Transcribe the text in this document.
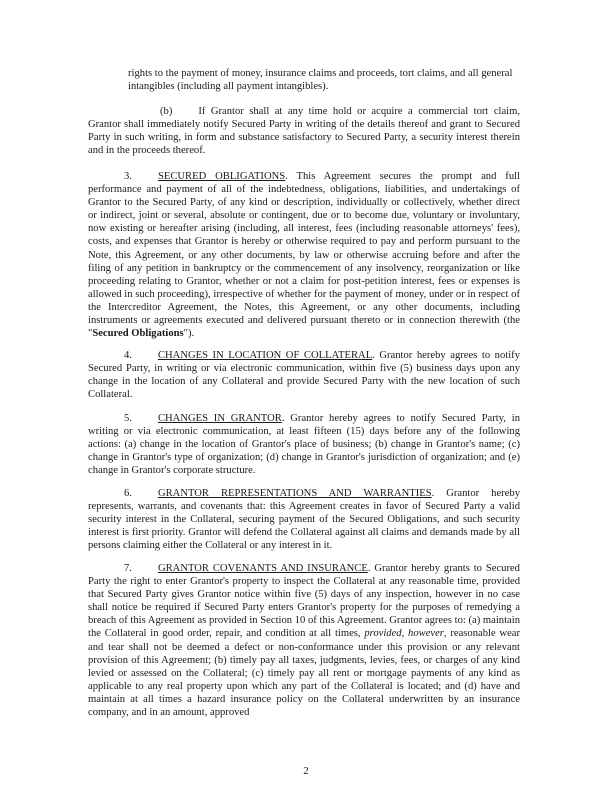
rights to the payment of money, insurance claims and proceeds, tort claims, and all general intangibles (including all payment intangibles).

(b) If Grantor shall at any time hold or acquire a commercial tort claim, Grantor shall immediately notify Secured Party in writing of the details thereof and grant to Secured Party in such writing, in form and substance satisfactory to Secured Party, a security interest therein and in the proceeds thereof.

3. SECURED OBLIGATIONS. This Agreement secures the prompt and full performance and payment of all of the indebtedness, obligations, liabilities, and undertakings of Grantor to the Secured Party, of any kind or description, individually or collectively, whether direct or indirect, joint or several, absolute or contingent, due or to become due, voluntary or involuntary, now existing or hereafter arising (including, all interest, fees (including reasonable attorneys' fees), costs, and expenses that Grantor is hereby or otherwise required to pay and perform pursuant to the Note, this Agreement, or any other documents, by law or otherwise accruing before and after the filing of any petition in bankruptcy or the commencement of any insolvency, reorganization or like proceeding relating to Grantor, whether or not a claim for post-petition interest, fees or expenses is allowed in such proceeding), irrespective of whether for the payment of money, under or in respect of the Intercreditor Agreement, the Notes, this Agreement, or any other documents, including instruments or agreements executed and delivered pursuant thereto or in connection therewith (the "Secured Obligations").

4. CHANGES IN LOCATION OF COLLATERAL. Grantor hereby agrees to notify Secured Party, in writing or via electronic communication, within five (5) business days upon any change in the location of any Collateral and provide Secured Party with the new location of such Collateral.

5. CHANGES IN GRANTOR. Grantor hereby agrees to notify Secured Party, in writing or via electronic communication, at least fifteen (15) days before any of the following actions: (a) change in the location of Grantor's place of business; (b) change in Grantor's name; (c) change in Grantor's type of organization; (d) change in Grantor's jurisdiction of organization; and (e) change in Grantor's corporate structure.

6. GRANTOR REPRESENTATIONS AND WARRANTIES. Grantor hereby represents, warrants, and covenants that: this Agreement creates in favor of Secured Party a valid security interest in the Collateral, securing payment of the Secured Obligations, and such security interest is first priority. Grantor will defend the Collateral against all claims and demands made by all persons claiming either the Collateral or any interest in it.

7. GRANTOR COVENANTS AND INSURANCE. Grantor hereby grants to Secured Party the right to enter Grantor's property to inspect the Collateral at any reasonable time, provided that Secured Party gives Grantor notice within five (5) days of any inspection, however in no case shall notice be required if Secured Party enters Grantor's property for the purposes of remedying a breach of this Agreement as provided in Section 10 of this Agreement. Grantor agrees to: (a) maintain the Collateral in good order, repair, and condition at all times, provided, however, reasonable wear and tear shall not be deemed a defect or non-conformance under this provision or any relevant provision of this Agreement; (b) timely pay all taxes, judgments, levies, fees, or charges of any kind levied or assessed on the Collateral; (c) timely pay all rent or mortgage payments of any kind as applicable to any real property upon which any part of the Collateral is located; and (d) have and maintain at all times a hazard insurance policy on the Collateral underwritten by an insurance company, and in an amount, approved

2
